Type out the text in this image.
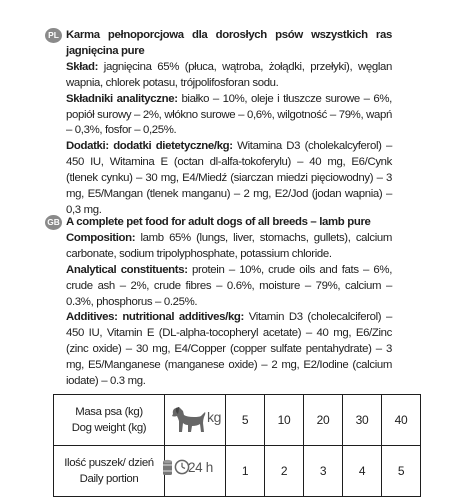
PL Karma pełnoporcjowa dla dorosłych psów wszystkich ras jagnięcina pure

Skład: jagnięcina 65% (płuca, wątroba, żołądki, przełyki), węglan wapnia, chlorek potasu, trójpolifosforan sodu.

Składniki analityczne: białko – 10%, oleje i tłuszcze surowe – 6%, popiół surowy – 2%, włókno surowe – 0,6%, wilgotność – 79%, wapń – 0,3%, fosfor – 0,25%.

Dodatki: dodatki dietetyczne/kg: Witamina D3 (cholekalcyferol) – 450 IU, Witamina E (octan dl-alfa-tokoferylu) – 40 mg, E6/Cynk (tlenek cynku) – 30 mg, E4/Miedź (siarczan miedzi pięciowodny) – 3 mg, E5/Mangan (tlenek manganu) – 2 mg, E2/Jod (jodan wapnia) – 0,3 mg.

GB A complete pet food for adult dogs of all breeds – lamb pure

Composition: lamb 65% (lungs, liver, stomachs, gullets), calcium carbonate, sodium tripolyphosphate, potassium chloride.

Analytical constituents: protein – 10%, crude oils and fats – 6%, crude ash – 2%, crude fibres – 0.6%, moisture – 79%, calcium – 0.3%, phosphorus – 0.25%.

Additives: nutritional additives/kg: Vitamin D3 (cholecalciferol) – 450 IU, Vitamin E (DL-alpha-tocopheryl acetate) – 40 mg, E6/Zinc (zinc oxide) – 30 mg, E4/Copper (copper sulfate pentahydrate) – 3 mg, E5/Manganese (manganese oxide) – 2 mg, E2/Iodine (calcium iodate) – 0.3 mg.

Masa psa (kg)
Dog weight (kg)	kg	5	10	20	30	40

Ilość puszek/ dzień
Daily portion	24 h	1	2	3	4	5
